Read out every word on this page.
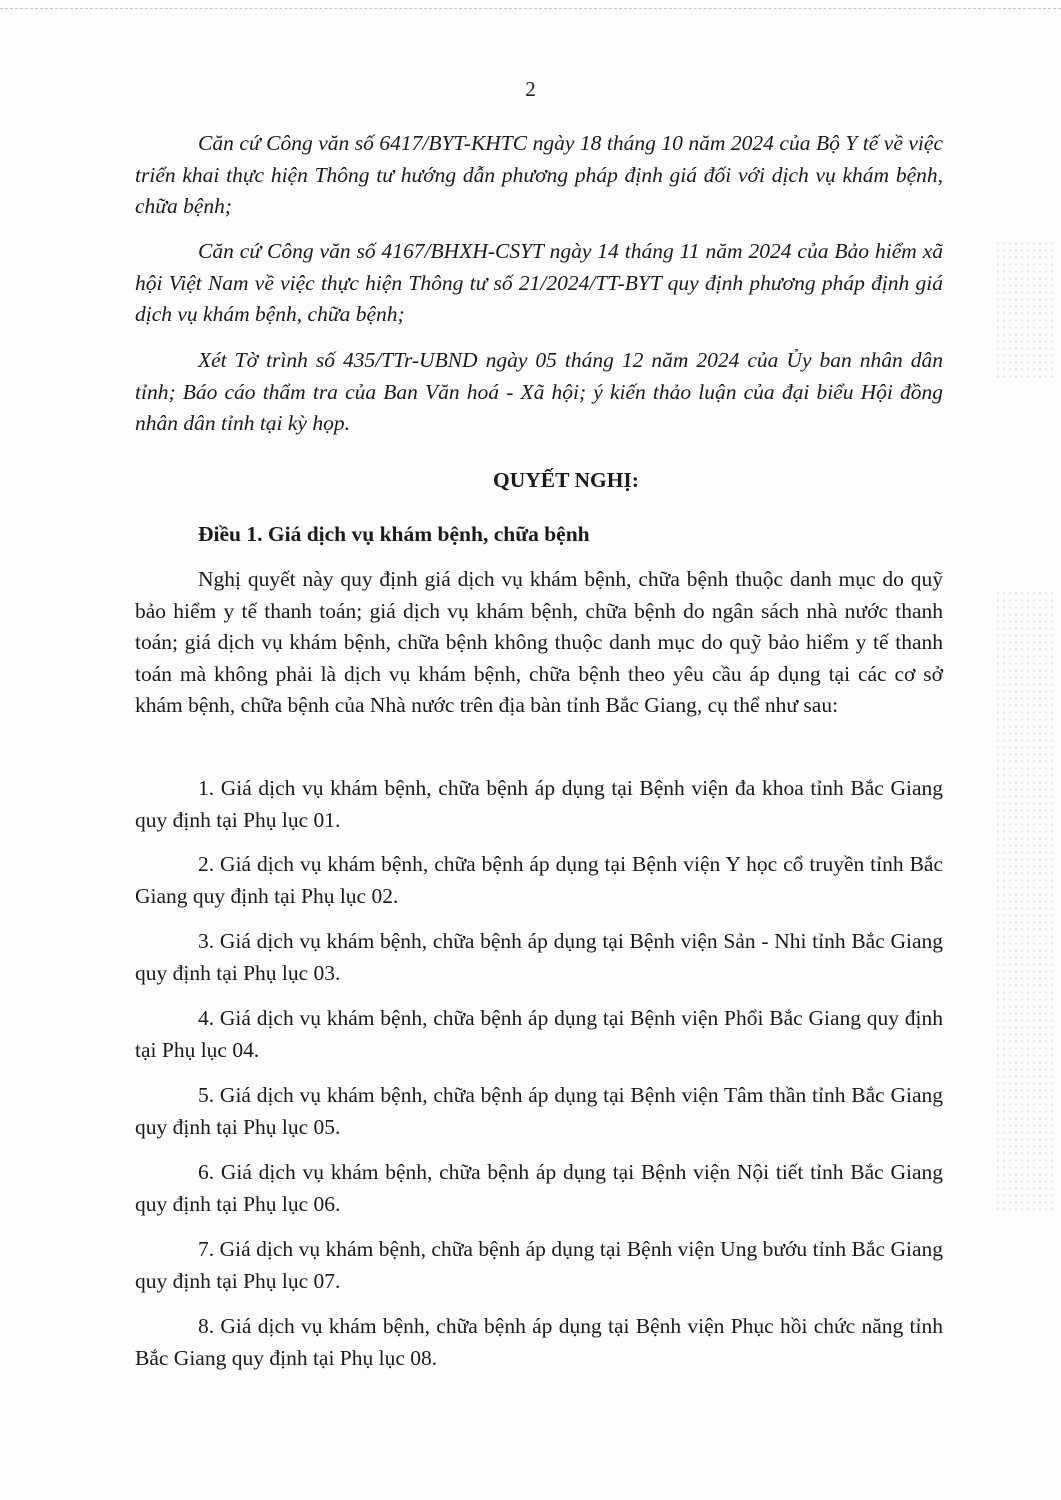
2

Căn cứ Công văn số 6417/BYT-KHTC ngày 18 tháng 10 năm 2024 của Bộ Y tế về việc triển khai thực hiện Thông tư hướng dẫn phương pháp định giá đối với dịch vụ khám bệnh, chữa bệnh;

Căn cứ Công văn số 4167/BHXH-CSYT ngày 14 tháng 11 năm 2024 của Bảo hiểm xã hội Việt Nam về việc thực hiện Thông tư số 21/2024/TT-BYT quy định phương pháp định giá dịch vụ khám bệnh, chữa bệnh;

Xét Tờ trình số 435/TTr-UBND ngày 05 tháng 12 năm 2024 của Ủy ban nhân dân tỉnh; Báo cáo thẩm tra của Ban Văn hoá - Xã hội; ý kiến thảo luận của đại biểu Hội đồng nhân dân tỉnh tại kỳ họp.

QUYẾT NGHỊ:

Điều 1. Giá dịch vụ khám bệnh, chữa bệnh

Nghị quyết này quy định giá dịch vụ khám bệnh, chữa bệnh thuộc danh mục do quỹ bảo hiểm y tế thanh toán; giá dịch vụ khám bệnh, chữa bệnh do ngân sách nhà nước thanh toán; giá dịch vụ khám bệnh, chữa bệnh không thuộc danh mục do quỹ bảo hiểm y tế thanh toán mà không phải là dịch vụ khám bệnh, chữa bệnh theo yêu cầu áp dụng tại các cơ sở khám bệnh, chữa bệnh của Nhà nước trên địa bàn tỉnh Bắc Giang, cụ thể như sau:

1. Giá dịch vụ khám bệnh, chữa bệnh áp dụng tại Bệnh viện đa khoa tỉnh Bắc Giang quy định tại Phụ lục 01.

2. Giá dịch vụ khám bệnh, chữa bệnh áp dụng tại Bệnh viện Y học cổ truyền tỉnh Bắc Giang quy định tại Phụ lục 02.

3. Giá dịch vụ khám bệnh, chữa bệnh áp dụng tại Bệnh viện Sản - Nhi tỉnh Bắc Giang quy định tại Phụ lục 03.

4. Giá dịch vụ khám bệnh, chữa bệnh áp dụng tại Bệnh viện Phổi Bắc Giang quy định tại Phụ lục 04.

5. Giá dịch vụ khám bệnh, chữa bệnh áp dụng tại Bệnh viện Tâm thần tỉnh Bắc Giang quy định tại Phụ lục 05.

6. Giá dịch vụ khám bệnh, chữa bệnh áp dụng tại Bệnh viện Nội tiết tỉnh Bắc Giang quy định tại Phụ lục 06.

7. Giá dịch vụ khám bệnh, chữa bệnh áp dụng tại Bệnh viện Ung bướu tỉnh Bắc Giang quy định tại Phụ lục 07.

8. Giá dịch vụ khám bệnh, chữa bệnh áp dụng tại Bệnh viện Phục hồi chức năng tỉnh Bắc Giang quy định tại Phụ lục 08.
